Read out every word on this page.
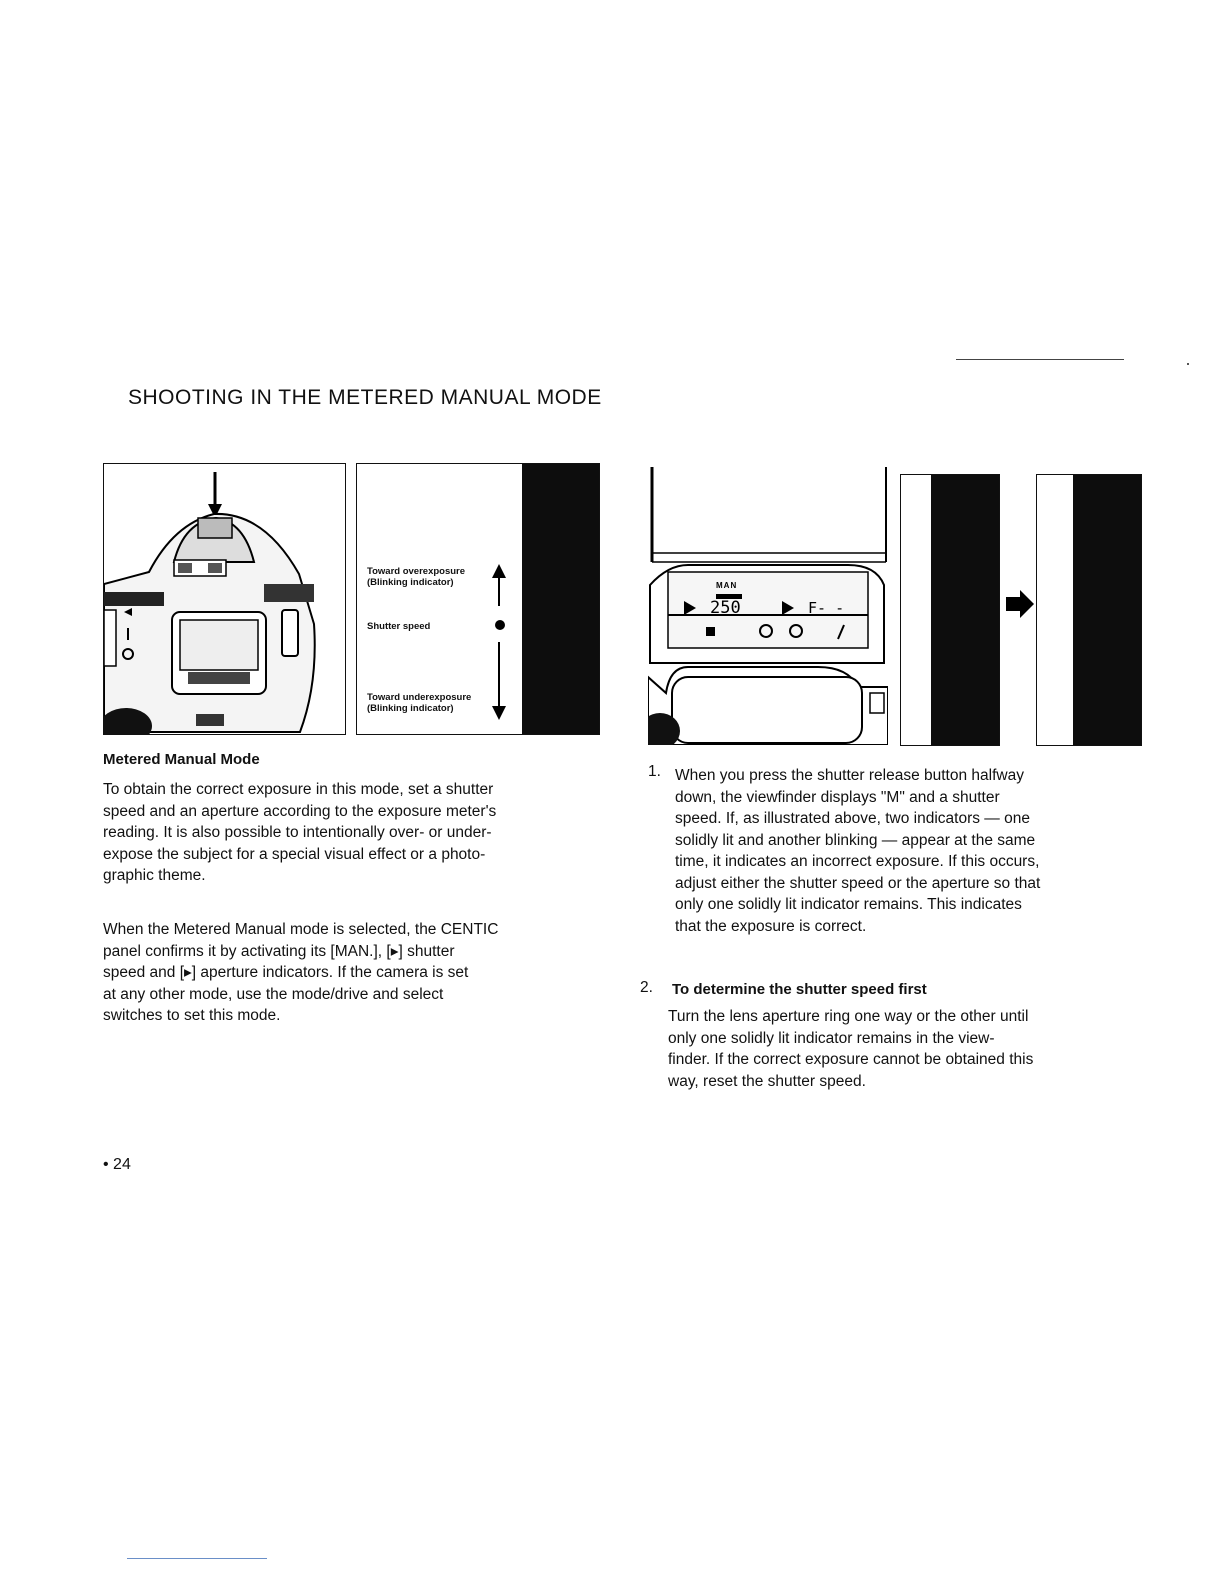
SHOOTING IN THE METERED MANUAL MODE
Toward overexposure
(Blinking indicator)
Shutter speed
Toward underexposure
(Blinking indicator)
MAN
250	F- -
Metered Manual Mode

To obtain the correct exposure in this mode, set a shutter

speed and an aperture according to the exposure meter's

reading. It is also possible to intentionally over- or under-

expose the subject for a special visual effect or a photo-

graphic theme.

When the Metered Manual mode is selected, the CENTIC

panel confirms it by activating its [MAN.], [▸] shutter

speed and [▸] aperture indicators. If the camera is set

at any other mode, use the mode/drive and select

switches to set this mode.

1. When you press the shutter release button halfway

down, the viewfinder displays "M" and a shutter

speed. If, as illustrated above, two indicators — one

solidly lit and another blinking — appear at the same

time, it indicates an incorrect exposure. If this occurs,

adjust either the shutter speed or the aperture so that

only one solidly lit indicator remains. This indicates

that the exposure is correct.

2. To determine the shutter speed first

Turn the lens aperture ring one way or the other until

only one solidly lit indicator remains in the view-

finder. If the correct exposure cannot be obtained this

way, reset the shutter speed.

• 24
